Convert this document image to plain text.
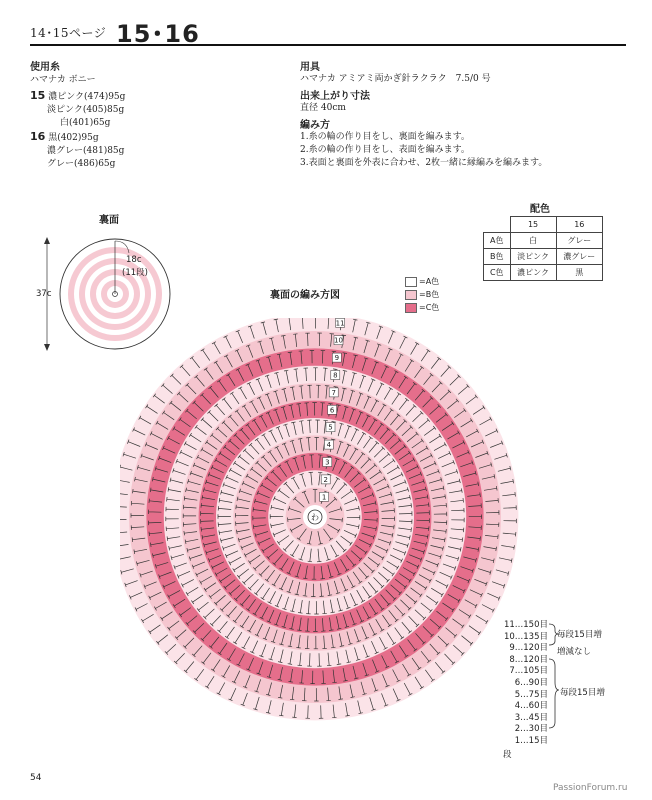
14･15ページ 15･16
使用糸
ハマナカ ボニー
15 濃ピンク(474)95g
淡ピンク(405)85g
白(401)65g
16 黒(402)95g
濃グレー(481)85g
グレー(486)65g
用具
ハマナカ アミアミ両かぎ針ラクラク　7.5/0 号
出来上がり寸法
直径 40cm
編み方
1.糸の輪の作り目をし、裏面を編みます。
2.糸の輪の作り目をし、表面を編みます。
3.表面と裏面を外表に合わせ、2枚一緒に縁編みを編みます。
配色
	15	16
A色	白	グレー
B色	淡ピンク	濃グレー
C色	濃ピンク	黒
裏面
18c
(11段)
37c	裏面の編み方図
=A色
=B色
=C色
1
2
3
4
5
6
7
8
9
10
11
わ
11…150目
10…135目
9…120目
8…120目
7…105目
6…90目
5…75目
4…60目
3…45目
2…30目
1…15目
段
毎段15目増
増減なし
毎段15目増
54
PassionForum.ru
